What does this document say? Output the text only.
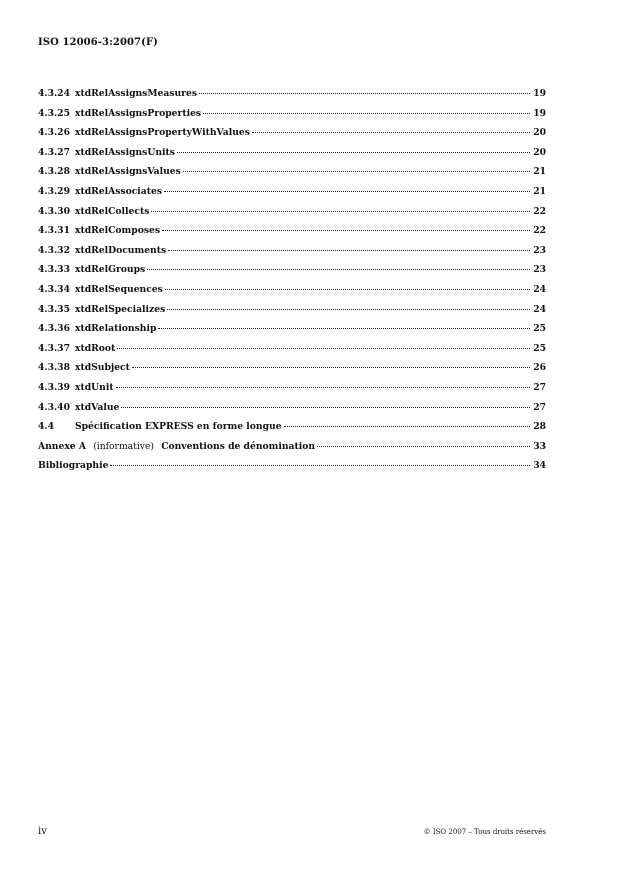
ISO 12006-3:2007(F)
4.3.24 xtdRelAssignsMeasures	19
4.3.25 xtdRelAssignsProperties	19
4.3.26 xtdRelAssignsPropertyWithValues	20
4.3.27 xtdRelAssignsUnits	20
4.3.28 xtdRelAssignsValues	21
4.3.29 xtdRelAssociates	21
4.3.30 xtdRelCollects	22
4.3.31 xtdRelComposes	22
4.3.32 xtdRelDocuments	23
4.3.33 xtdRelGroups	23
4.3.34 xtdRelSequences	24
4.3.35 xtdRelSpecializes	24
4.3.36 xtdRelationship	25
4.3.37 xtdRoot	25
4.3.38 xtdSubject	26
4.3.39 xtdUnit	27
4.3.40 xtdValue	27
4.4	Spécification EXPRESS en forme longue	28
Annexe A (informative) Conventions de dénomination	33
Bibliographie	34
iv	© ISO 2007 – Tous droits réservés
